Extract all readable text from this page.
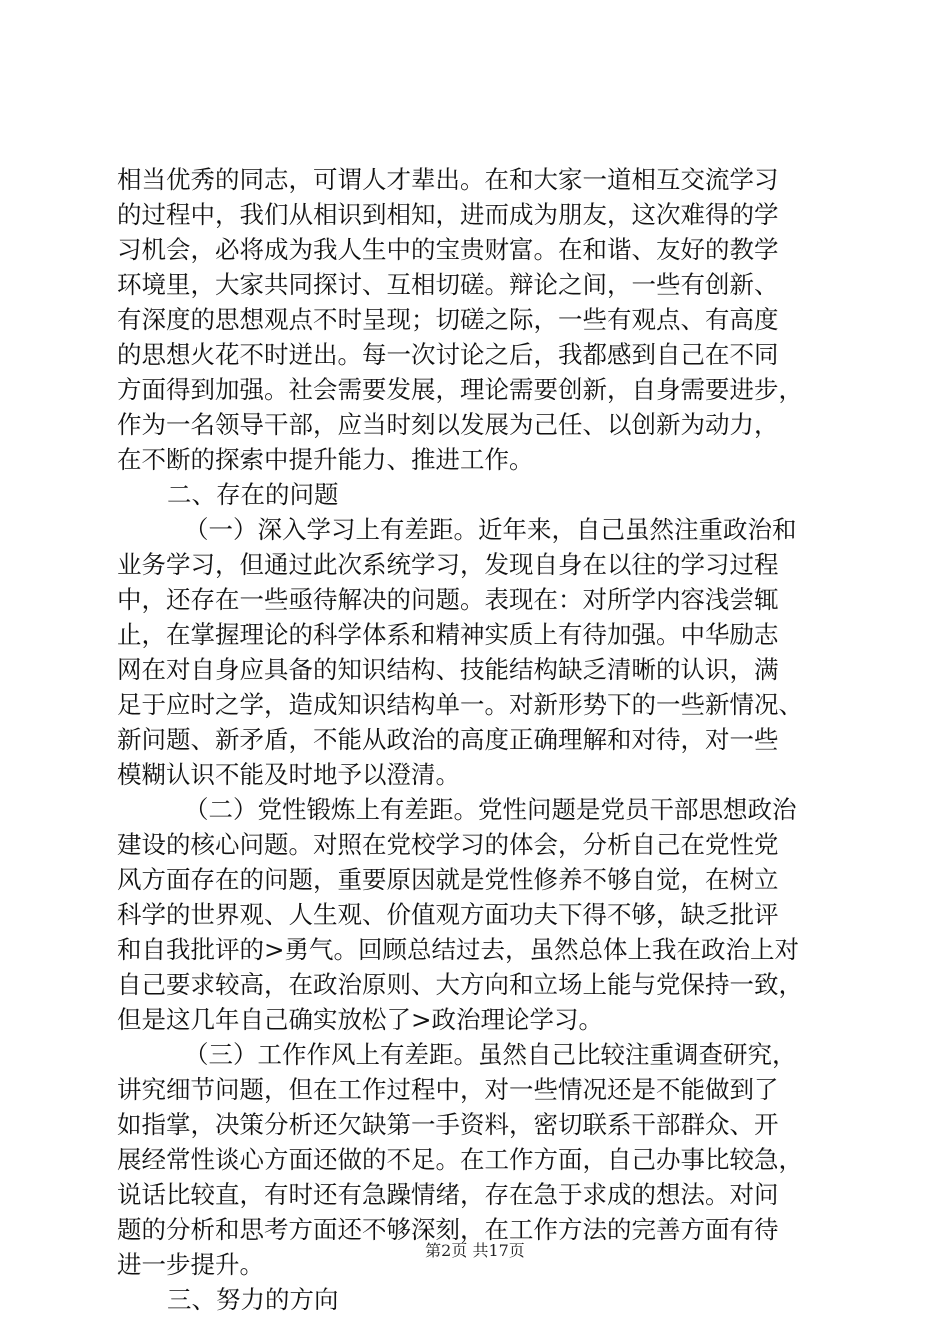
相当优秀的同志，可谓人才辈出。在和大家一道相互交流学习
的过程中，我们从相识到相知，进而成为朋友，这次难得的学
习机会，必将成为我人生中的宝贵财富。在和谐、友好的教学
环境里，大家共同探讨、互相切磋。辩论之间，一些有创新、
有深度的思想观点不时呈现；切磋之际，一些有观点、有高度
的思想火花不时迸出。每一次讨论之后，我都感到自己在不同
方面得到加强。社会需要发展，理论需要创新，自身需要进步，
作为一名领导干部，应当时刻以发展为己任、以创新为动力，
在不断的探索中提升能力、推进工作。
二、存在的问题
（一）深入学习上有差距。近年来，自己虽然注重政治和
业务学习，但通过此次系统学习，发现自身在以往的学习过程
中，还存在一些亟待解决的问题。表现在：对所学内容浅尝辄
止，在掌握理论的科学体系和精神实质上有待加强。中华励志
网在对自身应具备的知识结构、技能结构缺乏清晰的认识，满
足于应时之学，造成知识结构单一。对新形势下的一些新情况、
新问题、新矛盾，不能从政治的高度正确理解和对待，对一些
模糊认识不能及时地予以澄清。
（二）党性锻炼上有差距。党性问题是党员干部思想政治
建设的核心问题。对照在党校学习的体会，分析自己在党性党
风方面存在的问题，重要原因就是党性修养不够自觉，在树立
科学的世界观、人生观、价值观方面功夫下得不够，缺乏批评
和自我批评的>勇气。回顾总结过去，虽然总体上我在政治上对
自己要求较高，在政治原则、大方向和立场上能与党保持一致，
但是这几年自己确实放松了>政治理论学习。
（三）工作作风上有差距。虽然自己比较注重调查研究，
讲究细节问题，但在工作过程中，对一些情况还是不能做到了
如指掌，决策分析还欠缺第一手资料，密切联系干部群众、开
展经常性谈心方面还做的不足。在工作方面，自己办事比较急，
说话比较直，有时还有急躁情绪，存在急于求成的想法。对问
题的分析和思考方面还不够深刻，在工作方法的完善方面有待
进一步提升。
三、努力的方向
第2页 共17页
